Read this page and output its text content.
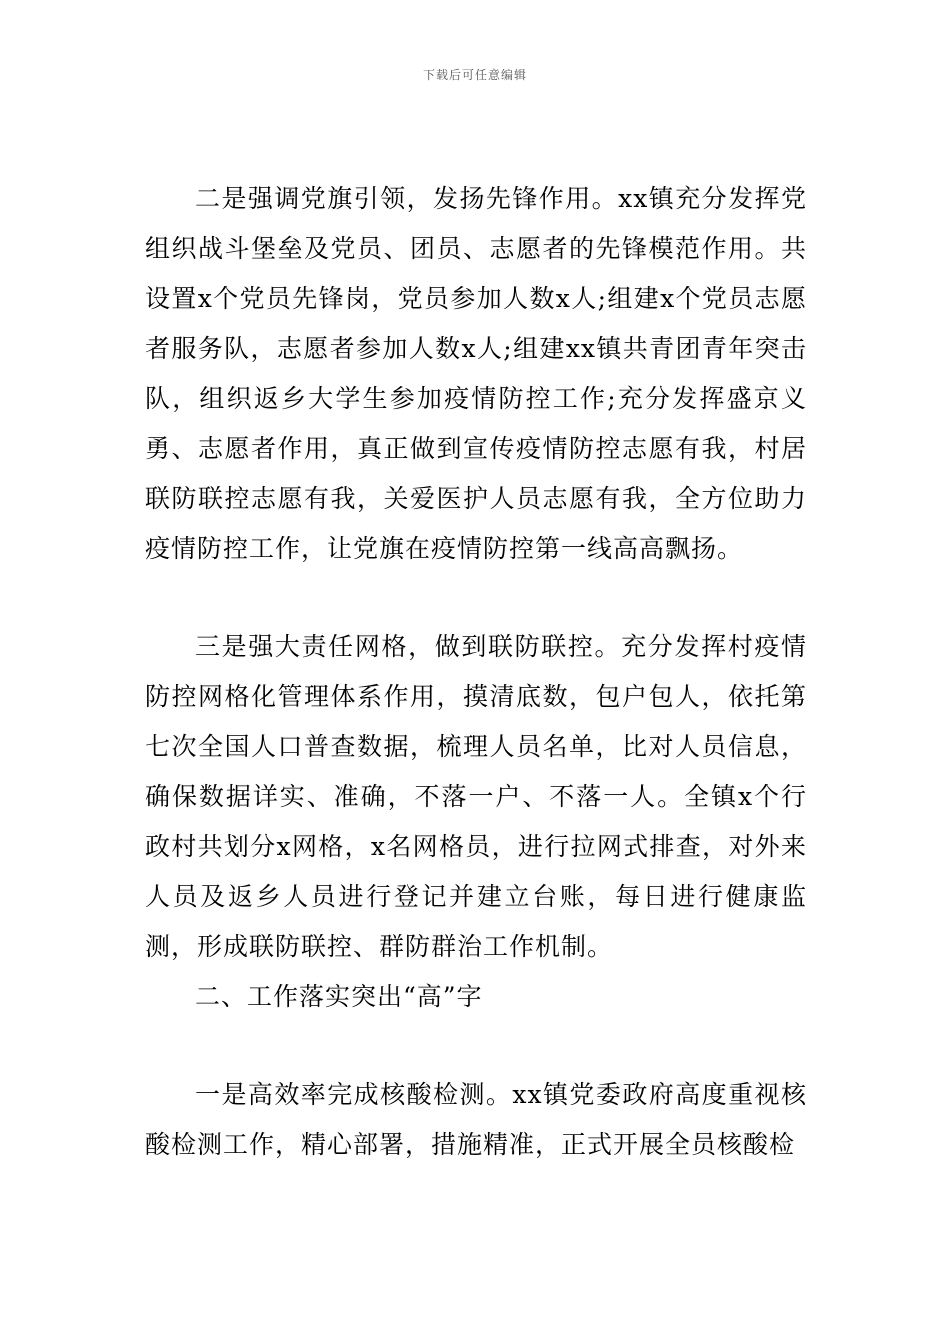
下载后可任意编辑

二是强调党旗引领，发扬先锋作用。xx镇充分发挥党组织战斗堡垒及党员、团员、志愿者的先锋模范作用。共设置x个党员先锋岗，党员参加人数x人;组建x个党员志愿者服务队，志愿者参加人数x人;组建xx镇共青团青年突击队，组织返乡大学生参加疫情防控工作;充分发挥盛京义勇、志愿者作用，真正做到宣传疫情防控志愿有我，村居联防联控志愿有我，关爱医护人员志愿有我，全方位助力疫情防控工作，让党旗在疫情防控第一线高高飘扬。

三是强大责任网格，做到联防联控。充分发挥村疫情防控网格化管理体系作用，摸清底数，包户包人，依托第七次全国人口普查数据，梳理人员名单，比对人员信息，确保数据详实、准确，不落一户、不落一人。全镇x个行政村共划分x网格，x名网格员，进行拉网式排查，对外来人员及返乡人员进行登记并建立台账，每日进行健康监测，形成联防联控、群防群治工作机制。

二、工作落实突出“高”字

一是高效率完成核酸检测。xx镇党委政府高度重视核酸检测工作，精心部署，措施精准，正式开展全员核酸检
